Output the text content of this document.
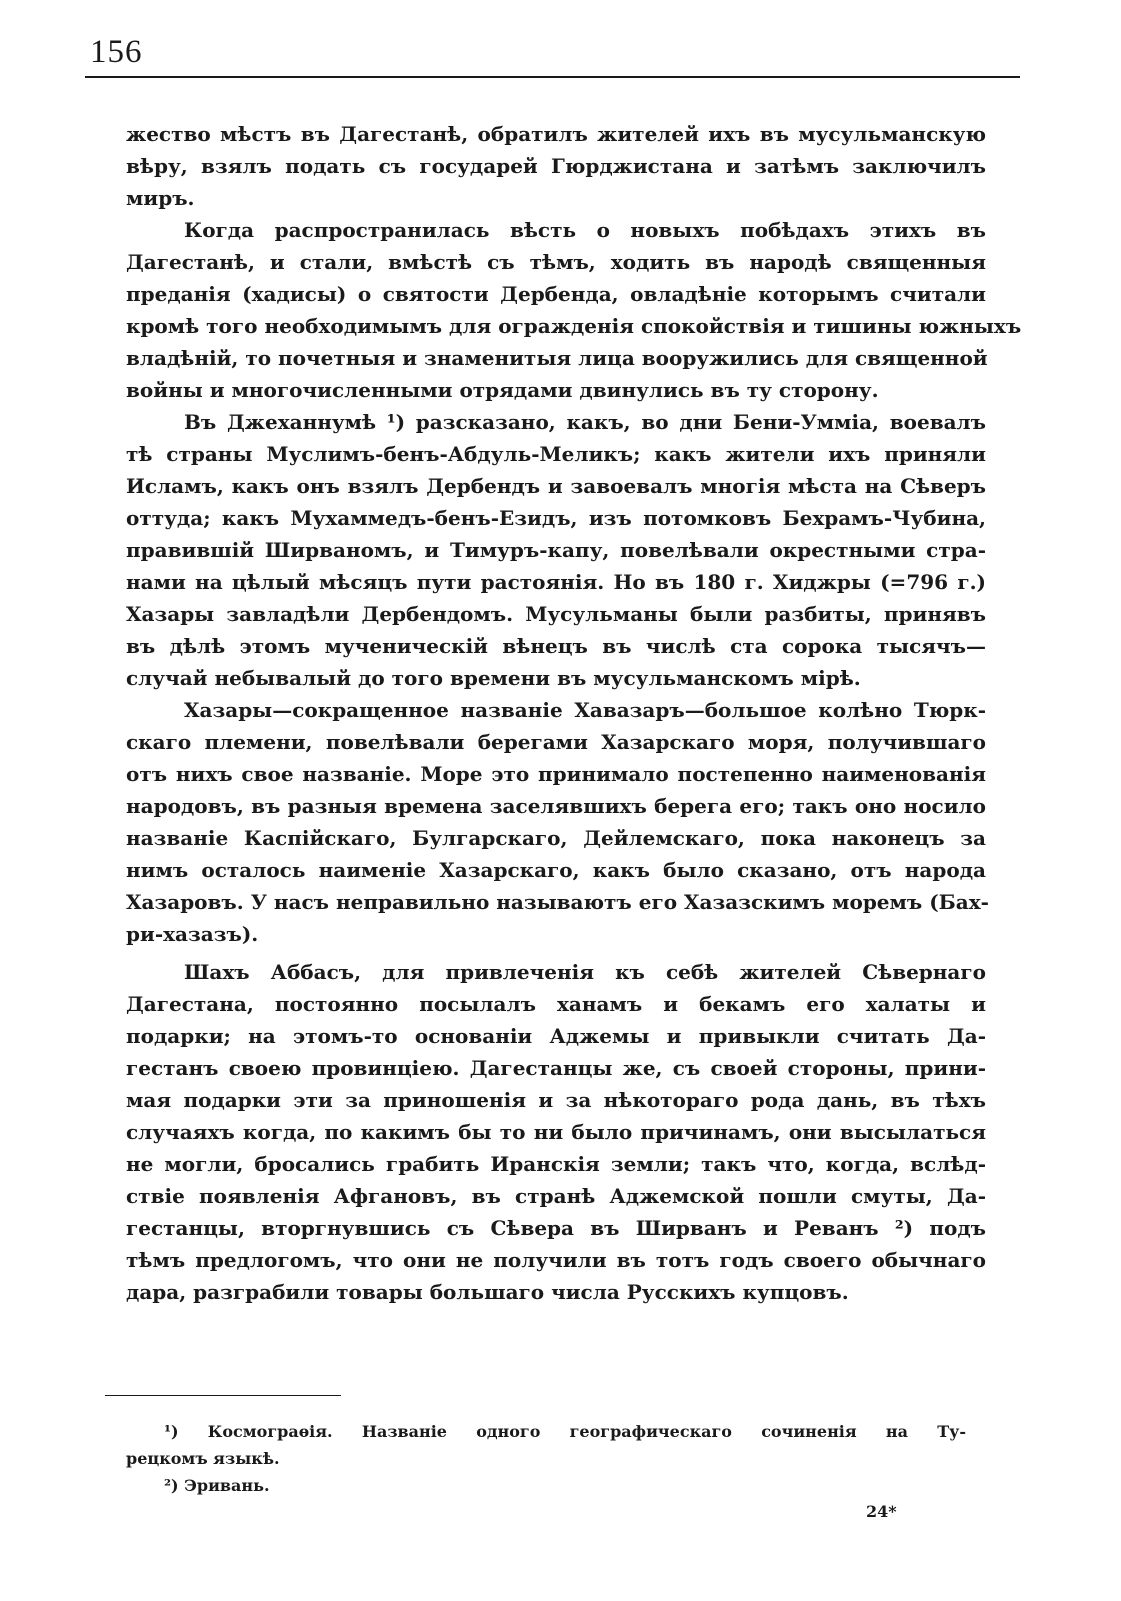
156
жество мѣстъ въ Дагестанѣ, обратилъ жителей ихъ въ мусульманскую
вѣру, взялъ подать съ государей Гюрджистана и затѣмъ заключилъ
миръ.
Когда распространилась вѣсть о новыхъ побѣдахъ этихъ въ
Дагестанѣ, и стали, вмѣстѣ съ тѣмъ, ходить въ народѣ священныя
преданія (хадисы) о святости Дербенда, овладѣніе которымъ считали
кромѣ того необходимымъ для огражденія спокойствія и тишины южныхъ
владѣній, то почетныя и знаменитыя лица вооружились для священной
войны и многочисленными отрядами двинулись въ ту сторону.
Въ Джеханнумѣ ¹) разсказано, какъ, во дни Бени-Умміа, воевалъ
тѣ страны Муслимъ-бенъ-Абдуль-Меликъ; какъ жители ихъ приняли
Исламъ, какъ онъ взялъ Дербендъ и завоевалъ многія мѣста на Сѣверъ
оттуда; какъ Мухаммедъ-бенъ-Езидъ, изъ потомковъ Бехрамъ-Чубина,
правившій Ширваномъ, и Тимуръ-капу, повелѣвали окрестными стра-
нами на цѣлый мѣсяцъ пути растоянія. Но въ 180 г. Хиджры (=796 г.)
Хазары завладѣли Дербендомъ. Мусульманы были разбиты, принявъ
въ дѣлѣ этомъ мученическій вѣнецъ въ числѣ ста сорока тысячъ—
случай небывалый до того времени въ мусульманскомъ мірѣ.
Хазары—сокращенное названіе Хавазаръ—большое колѣно Тюрк-
скаго племени, повелѣвали берегами Хазарскаго моря, получившаго
отъ нихъ свое названіе. Море это принимало постепенно наименованія
народовъ, въ разныя времена заселявшихъ берега его; такъ оно носило
названіе Каспійскаго, Булгарскаго, Дейлемскаго, пока наконецъ за
нимъ осталось наименіе Хазарскаго, какъ было сказано, отъ народа
Хазаровъ. У насъ неправильно называютъ его Хазазскимъ моремъ (Бах-
ри-хазазъ).
Шахъ Аббасъ, для привлеченія къ себѣ жителей Сѣвернаго
Дагестана, постоянно посылалъ ханамъ и бекамъ его халаты и
подарки; на этомъ-то основаніи Аджемы и привыкли считать Да-
гестанъ своею провинціею. Дагестанцы же, съ своей стороны, прини-
мая подарки эти за приношенія и за нѣкотораго рода дань, въ тѣхъ
случаяхъ когда, по какимъ бы то ни было причинамъ, они высылаться
не могли, бросались грабить Иранскія земли; такъ что, когда, вслѣд-
ствіе появленія Афгановъ, въ странѣ Аджемской пошли смуты, Да-
гестанцы, вторгнувшись съ Сѣвера въ Ширванъ и Реванъ ²) подъ
тѣмъ предлогомъ, что они не получили въ тотъ годъ своего обычнаго
дара, разграбили товары большаго числа Русскихъ купцовъ.
¹) Космограѳія. Названіе одного географическаго сочиненія на Ту-
рецкомъ языкѣ.
²) Эривань.
24*
